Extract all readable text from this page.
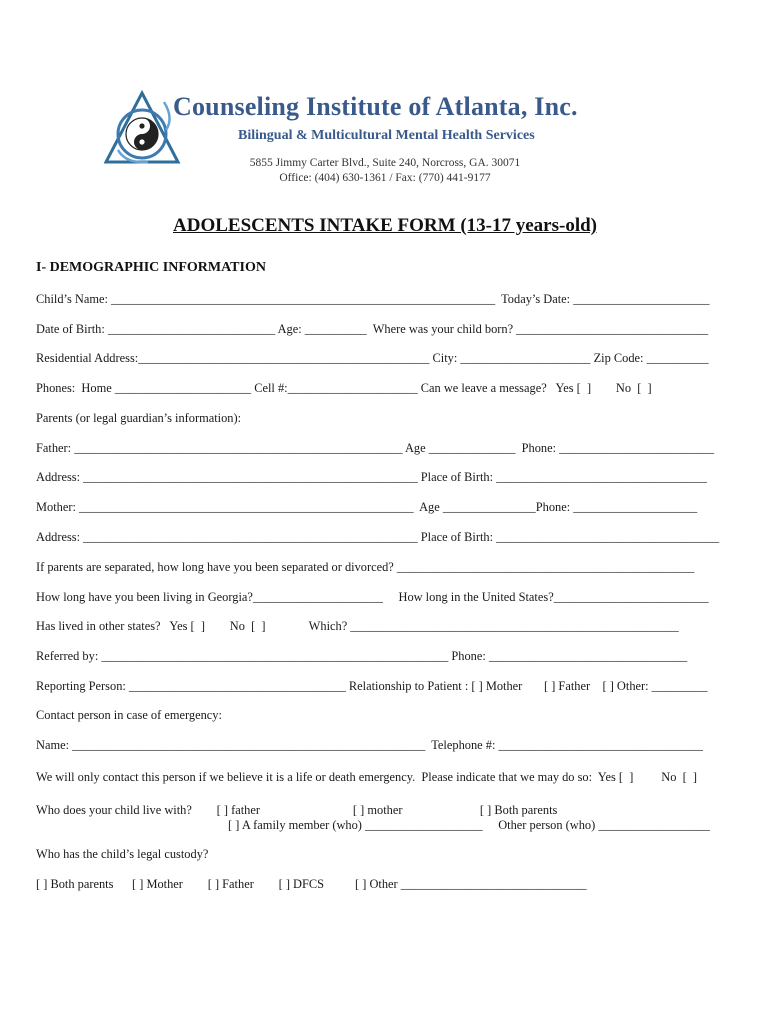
Counseling Institute of Atlanta, Inc.
Bilingual & Multicultural Mental Health Services
5855 Jimmy Carter Blvd., Suite 240, Norcross, GA. 30071
Office: (404) 630-1361 / Fax: (770) 441-9177
ADOLESCENTS INTAKE FORM (13-17 years-old)
I- DEMOGRAPHIC INFORMATION
Child’s Name: ______________________________________________________________  Today’s Date: ______________________
Date of Birth: ___________________________ Age: __________  Where was your child born? _______________________________
Residential Address:_______________________________________________ City: _____________________ Zip Code: __________
Phones:  Home ______________________ Cell #:_____________________ Can we leave a message?   Yes [  ]        No  [  ]
Parents (or legal guardian’s information):
Father: _____________________________________________________ Age ______________  Phone: _________________________
Address: ______________________________________________________ Place of Birth: __________________________________
Mother: ______________________________________________________  Age _______________Phone: ____________________
Address: ______________________________________________________ Place of Birth: ____________________________________
If parents are separated, how long have you been separated or divorced? ________________________________________________
How long have you been living in Georgia?_____________________     How long in the United States?_________________________
Has lived in other states?   Yes [  ]        No  [  ]              Which? _____________________________________________________
Referred by: ________________________________________________________ Phone: ________________________________
Reporting Person: ___________________________________ Relationship to Patient : [ ] Mother       [ ] Father    [ ] Other: _________
Contact person in case of emergency:
Name: _________________________________________________________  Telephone #: _________________________________
We will only contact this person if we believe it is a life or death emergency.  Please indicate that we may do so:  Yes [  ]         No  [  ]
Who does your child live with?        [ ] father                              [ ] mother                         [ ] Both parents
[ ] A family member (who) ___________________     Other person (who) __________________
Who has the child’s legal custody?
[ ] Both parents      [ ] Mother        [ ] Father        [ ] DFCS          [ ] Other ______________________________
